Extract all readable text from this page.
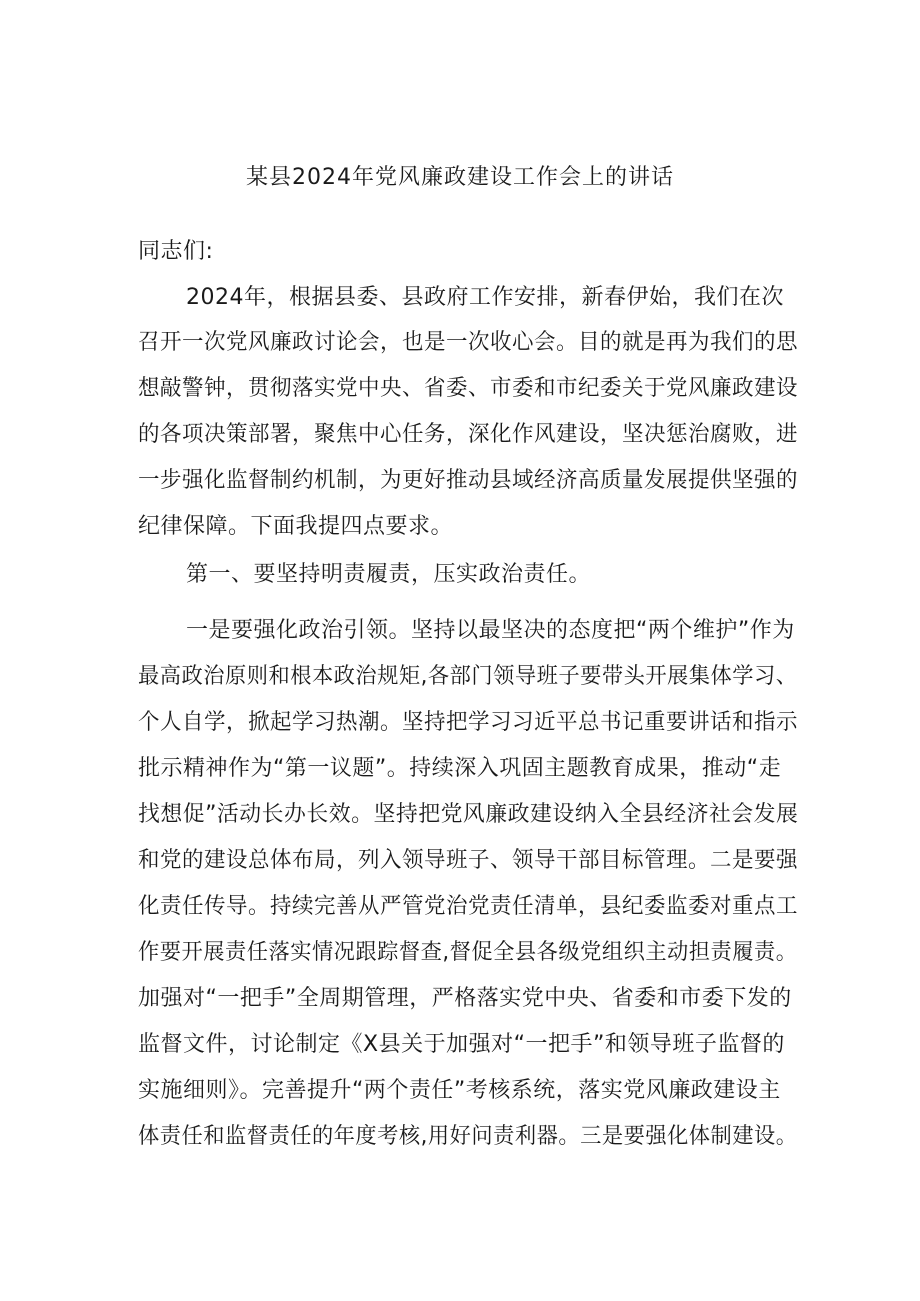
某县2024年党风廉政建设工作会上的讲话
同志们:
2024年，根据县委、县政府工作安排，新春伊始，我们在次
召开一次党风廉政讨论会，也是一次收心会。目的就是再为我们的思
想敲警钟，贯彻落实党中央、省委、市委和市纪委关于党风廉政建设
的各项决策部署，聚焦中心任务，深化作风建设，坚决惩治腐败，进
一步强化监督制约机制，为更好推动县域经济高质量发展提供坚强的
纪律保障。下面我提四点要求。
第一、要坚持明责履责，压实政治责任。
一是要强化政治引领。坚持以最坚决的态度把“两个维护”作为
最高政治原则和根本政治规矩,各部门领导班子要带头开展集体学习、
个人自学，掀起学习热潮。坚持把学习习近平总书记重要讲话和指示
批示精神作为“第一议题”。持续深入巩固主题教育成果，推动“走
找想促”活动长办长效。坚持把党风廉政建设纳入全县经济社会发展
和党的建设总体布局，列入领导班子、领导干部目标管理。二是要强
化责任传导。持续完善从严管党治党责任清单，县纪委监委对重点工
作要开展责任落实情况跟踪督查,督促全县各级党组织主动担责履责。
加强对“一把手”全周期管理，严格落实党中央、省委和市委下发的
监督文件，讨论制定《X县关于加强对“一把手”和领导班子监督的
实施细则》。完善提升“两个责任”考核系统，落实党风廉政建设主
体责任和监督责任的年度考核,用好问责利器。三是要强化体制建设。
